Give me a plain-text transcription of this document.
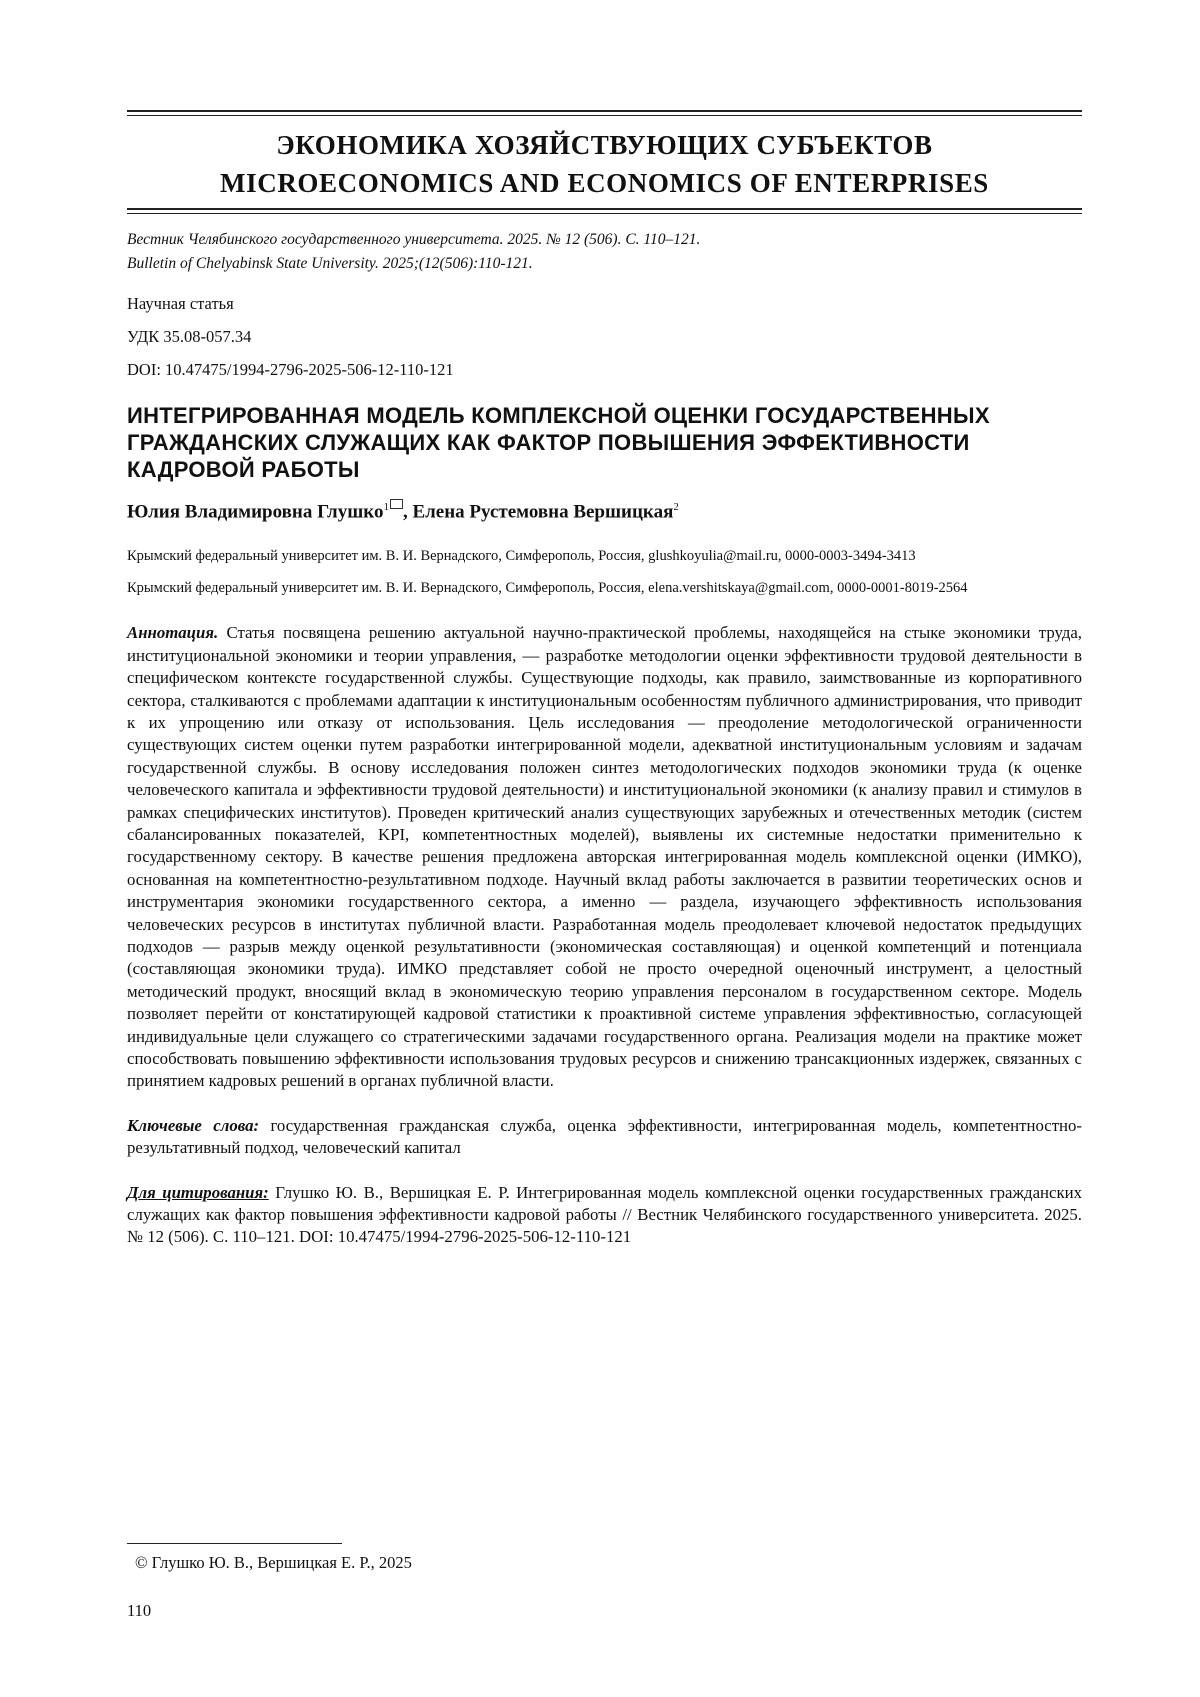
ЭКОНОМИКА ХОЗЯЙСТВУЮЩИХ СУБЪЕКТОВ
MICROECONOMICS AND ECONOMICS OF ENTERPRISES
Вестник Челябинского государственного университета. 2025. № 12 (506). С. 110–121.
Bulletin of Chelyabinsk State University. 2025;(12(506):110-121.
Научная статья
УДК 35.08-057.34
DOI: 10.47475/1994-2796-2025-506-12-110-121
ИНТЕГРИРОВАННАЯ МОДЕЛЬ КОМПЛЕКСНОЙ ОЦЕНКИ ГОСУДАРСТВЕННЫХ ГРАЖДАНСКИХ СЛУЖАЩИХ КАК ФАКТОР ПОВЫШЕНИЯ ЭФФЕКТИВНОСТИ КАДРОВОЙ РАБОТЫ
Юлия Владимировна Глушко$^1$ , Елена Рустемовна Вершицкая$^2$
Крымский федеральный университет им. В. И. Вернадского, Симферополь, Россия, glushkoyulia@mail.ru, 0000-0003-3494-3413
Крымский федеральный университет им. В. И. Вернадского, Симферополь, Россия, elena.vershitskaya@gmail.com, 0000-0001-8019-2564
Аннотация. Статья посвящена решению актуальной научно-практической проблемы, находящейся на стыке экономики труда, институциональной экономики и теории управления, — разработке методологии оценки эффективности трудовой деятельности в специфическом контексте государственной службы. Существующие подходы, как правило, заимствованные из корпоративного сектора, сталкиваются с проблемами адаптации к институциональным особенностям публичного администрирования, что приводит к их упрощению или отказу от использования. Цель исследования — преодоление методологической ограниченности существующих систем оценки путем разработки интегрированной модели, адекватной институциональным условиям и задачам государственной службы. В основу исследования положен синтез методологических подходов экономики труда (к оценке человеческого капитала и эффективности трудовой деятельности) и институциональной экономики (к анализу правил и стимулов в рамках специфических институтов). Проведен критический анализ существующих зарубежных и отечественных методик (систем сбалансированных показателей, KPI, компетентностных моделей), выявлены их системные недостатки применительно к государственному сектору. В качестве решения предложена авторская интегрированная модель комплексной оценки (ИМКО), основанная на компетентностно-результативном подходе. Научный вклад работы заключается в развитии теоретических основ и инструментария экономики государственного сектора, а именно — раздела, изучающего эффективность использования человеческих ресурсов в институтах публичной власти. Разработанная модель преодолевает ключевой недостаток предыдущих подходов — разрыв между оценкой результативности (экономическая составляющая) и оценкой компетенций и потенциала (составляющая экономики труда). ИМКО представляет собой не просто очередной оценочный инструмент, а целостный методический продукт, вносящий вклад в экономическую теорию управления персоналом в государственном секторе. Модель позволяет перейти от констатирующей кадровой статистики к проактивной системе управления эффективностью, согласующей индивидуальные цели служащего со стратегическими задачами государственного органа. Реализация модели на практике может способствовать повышению эффективности использования трудовых ресурсов и снижению трансакционных издержек, связанных с принятием кадровых решений в органах публичной власти.
Ключевые слова: государственная гражданская служба, оценка эффективности, интегрированная модель, компетентностно-результативный подход, человеческий капитал
Для цитирования: Глушко Ю. В., Вершицкая Е. Р. Интегрированная модель комплексной оценки государственных гражданских служащих как фактор повышения эффективности кадровой работы // Вестник Челябинского государственного университета. 2025. № 12 (506). С. 110–121. DOI: 10.47475/1994-2796-2025-506-12-110-121
© Глушко Ю. В., Вершицкая Е. Р., 2025
110
